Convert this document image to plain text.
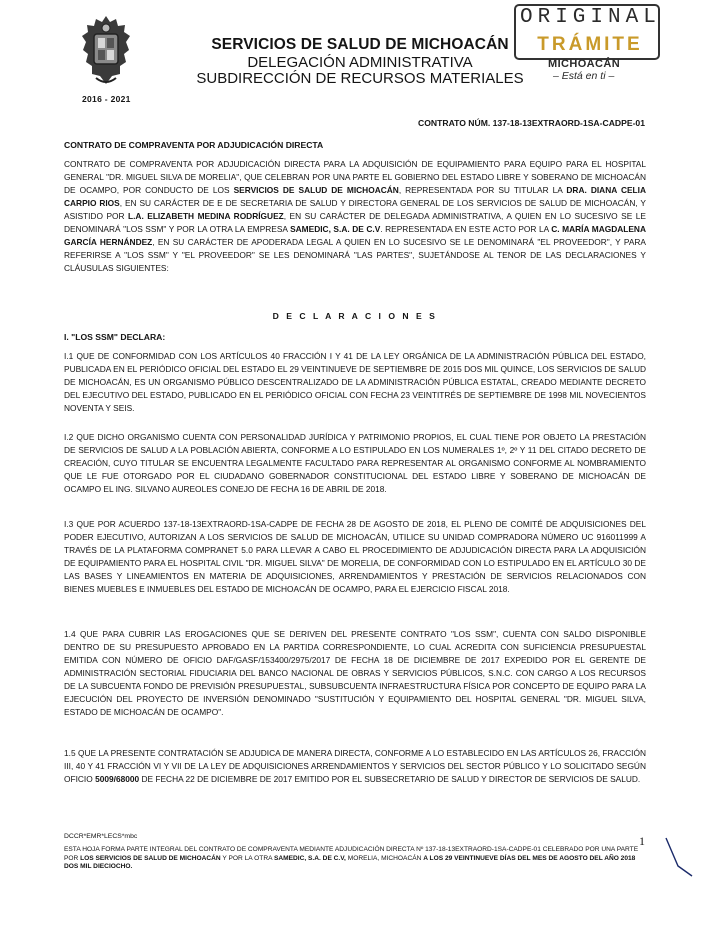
2016 - 2021
SERVICIOS DE SALUD DE MICHOACÁN
DELEGACIÓN ADMINISTRATIVA
SUBDIRECCIÓN DE RECURSOS MATERIALES
ORIGINAL
TRÁMITE
MICHOACÁN
– Está en ti –
CONTRATO NÚM. 137-18-13EXTRAORD-1SA-CADPE-01
CONTRATO DE COMPRAVENTA POR ADJUDICACIÓN DIRECTA
CONTRATO DE COMPRAVENTA POR ADJUDICACIÓN DIRECTA PARA LA ADQUISICIÓN DE EQUIPAMIENTO PARA EQUIPO PARA EL HOSPITAL GENERAL "DR. MIGUEL SILVA DE MORELIA", QUE CELEBRAN POR UNA PARTE EL GOBIERNO DEL ESTADO LIBRE Y SOBERANO DE MICHOACÁN DE OCAMPO, POR CONDUCTO DE LOS SERVICIOS DE SALUD DE MICHOACÁN, REPRESENTADA POR SU TITULAR LA DRA. DIANA CELIA CARPIO RIOS, EN SU CARÁCTER DE E DE SECRETARIA DE SALUD Y DIRECTORA GENERAL DE LOS SERVICIOS DE SALUD DE MICHOACÁN, Y ASISTIDO POR L.A. ELIZABETH MEDINA RODRÍGUEZ, EN SU CARÁCTER DE DELEGADA ADMINISTRATIVA, A QUIEN EN LO SUCESIVO SE LE DENOMINARÁ "LOS SSM" Y POR LA OTRA LA EMPRESA SAMEDIC, S.A. DE C.V. REPRESENTADA EN ESTE ACTO POR LA C. MARÍA MAGDALENA GARCÍA HERNÁNDEZ, EN SU CARÁCTER DE APODERADA LEGAL A QUIEN EN LO SUCESIVO SE LE DENOMINARÁ "EL PROVEEDOR", Y PARA REFERIRSE A "LOS SSM" Y "EL PROVEEDOR" SE LES DENOMINARÁ "LAS PARTES", SUJETÁNDOSE AL TENOR DE LAS DECLARACIONES Y CLÁUSULAS SIGUIENTES:
D E C L A R A C I O N E S
I. "LOS SSM" DECLARA:
I.1 QUE DE CONFORMIDAD CON LOS ARTÍCULOS 40 FRACCIÓN I Y 41 DE LA LEY ORGÁNICA DE LA ADMINISTRACIÓN PÚBLICA DEL ESTADO, PUBLICADA EN EL PERIÓDICO OFICIAL DEL ESTADO EL 29 VEINTINUEVE DE SEPTIEMBRE DE 2015 DOS MIL QUINCE, LOS SERVICIOS DE SALUD DE MICHOACÁN, ES UN ORGANISMO PÚBLICO DESCENTRALIZADO DE LA ADMINISTRACIÓN PÚBLICA ESTATAL, CREADO MEDIANTE DECRETO DEL EJECUTIVO DEL ESTADO, PUBLICADO EN EL PERIÓDICO OFICIAL CON FECHA 23 VEINTITRÉS DE SEPTIEMBRE DE 1998 MIL NOVECIENTOS NOVENTA Y SEIS.
I.2 QUE DICHO ORGANISMO CUENTA CON PERSONALIDAD JURÍDICA Y PATRIMONIO PROPIOS, EL CUAL TIENE POR OBJETO LA PRESTACIÓN DE SERVICIOS DE SALUD A LA POBLACIÓN ABIERTA, CONFORME A LO ESTIPULADO EN LOS NUMERALES 1º, 2º Y 11 DEL CITADO DECRETO DE CREACIÓN, CUYO TITULAR SE ENCUENTRA LEGALMENTE FACULTADO PARA REPRESENTAR AL ORGANISMO CONFORME AL NOMBRAMIENTO QUE LE FUE OTORGADO POR EL CIUDADANO GOBERNADOR CONSTITUCIONAL DEL ESTADO LIBRE Y SOBERANO DE MICHOACÁN DE OCAMPO EL ING. SILVANO AUREOLES CONEJO DE FECHA 16 DE ABRIL DE 2018.
I.3 QUE POR ACUERDO 137-18-13EXTRAORD-1SA-CADPE DE FECHA 28 DE AGOSTO DE 2018, EL PLENO DE COMITÉ DE ADQUISICIONES DEL PODER EJECUTIVO, AUTORIZAN A LOS SERVICIOS DE SALUD DE MICHOACÁN, UTILICE SU UNIDAD COMPRADORA NÚMERO UC 916011999 A TRAVÉS DE LA PLATAFORMA COMPRANET 5.0 PARA LLEVAR A CABO EL PROCEDIMIENTO DE ADJUDICACIÓN DIRECTA PARA LA ADQUISICIÓN DE EQUIPAMIENTO PARA EL HOSPITAL CIVIL "DR. MIGUEL SILVA" DE MORELIA, DE CONFORMIDAD CON LO ESTIPULADO EN EL ARTÍCULO 30 DE LAS BASES Y LINEAMIENTOS EN MATERIA DE ADQUISICIONES, ARRENDAMIENTOS Y PRESTACIÓN DE SERVICIOS RELACIONADOS CON BIENES MUEBLES E INMUEBLES DEL ESTADO DE MICHOACÁN DE OCAMPO, PARA EL EJERCICIO FISCAL 2018.
1.4 QUE PARA CUBRIR LAS EROGACIONES QUE SE DERIVEN DEL PRESENTE CONTRATO "LOS SSM", CUENTA CON SALDO DISPONIBLE DENTRO DE SU PRESUPUESTO APROBADO EN LA PARTIDA CORRESPONDIENTE, LO CUAL ACREDITA CON SUFICIENCIA PRESUPUESTAL EMITIDA CON NÚMERO DE OFICIO DAF/GASF/153400/2975/2017 DE FECHA 18 DE DICIEMBRE DE 2017 EXPEDIDO POR EL GERENTE DE ADMINISTRACIÓN SECTORIAL FIDUCIARIA DEL BANCO NACIONAL DE OBRAS Y SERVICIOS PÚBLICOS, S.N.C. CON CARGO A LOS RECURSOS DE LA SUBCUENTA FONDO DE PREVISIÓN PRESUPUESTAL, SUBSUBCUENTA INFRAESTRUCTURA FÍSICA POR CONCEPTO DE EQUIPO PARA LA EJECUCIÓN DEL PROYECTO DE INVERSIÓN DENOMINADO "SUSTITUCIÓN Y EQUIPAMIENTO DEL HOSPITAL GENERAL "DR. MIGUEL SILVA, ESTADO DE MICHOACÁN DE OCAMPO".
1.5 QUE LA PRESENTE CONTRATACIÓN SE ADJUDICA DE MANERA DIRECTA, CONFORME A LO ESTABLECIDO EN LAS ARTÍCULOS 26, FRACCIÓN III, 40 Y 41 FRACCIÓN VI Y VII DE LA LEY DE ADQUISICIONES ARRENDAMIENTOS Y SERVICIOS DEL SECTOR PÚBLICO Y LO SOLICITADO SEGÚN OFICIO 5009/68000 DE FECHA 22 DE DICIEMBRE DE 2017 EMITIDO POR EL SUBSECRETARIO DE SALUD Y DIRECTOR DE SERVICIOS DE SALUD.
DCCR*EMR*LECS*mbc	1
ESTA HOJA FORMA PARTE INTEGRAL DEL CONTRATO DE COMPRAVENTA MEDIANTE ADJUDICACIÓN DIRECTA Nº 137-18-13EXTRAORD-1SA-CADPE-01 CELEBRADO POR UNA PARTE POR LOS SERVICIOS DE SALUD DE MICHOACÁN Y POR LA OTRA SAMEDIC, S.A. DE C.V, MORELIA, MICHOACÁN A LOS 29 VEINTINUEVE DÍAS DEL MES DE AGOSTO DEL AÑO 2018 DOS MIL DIECIOCHO.
